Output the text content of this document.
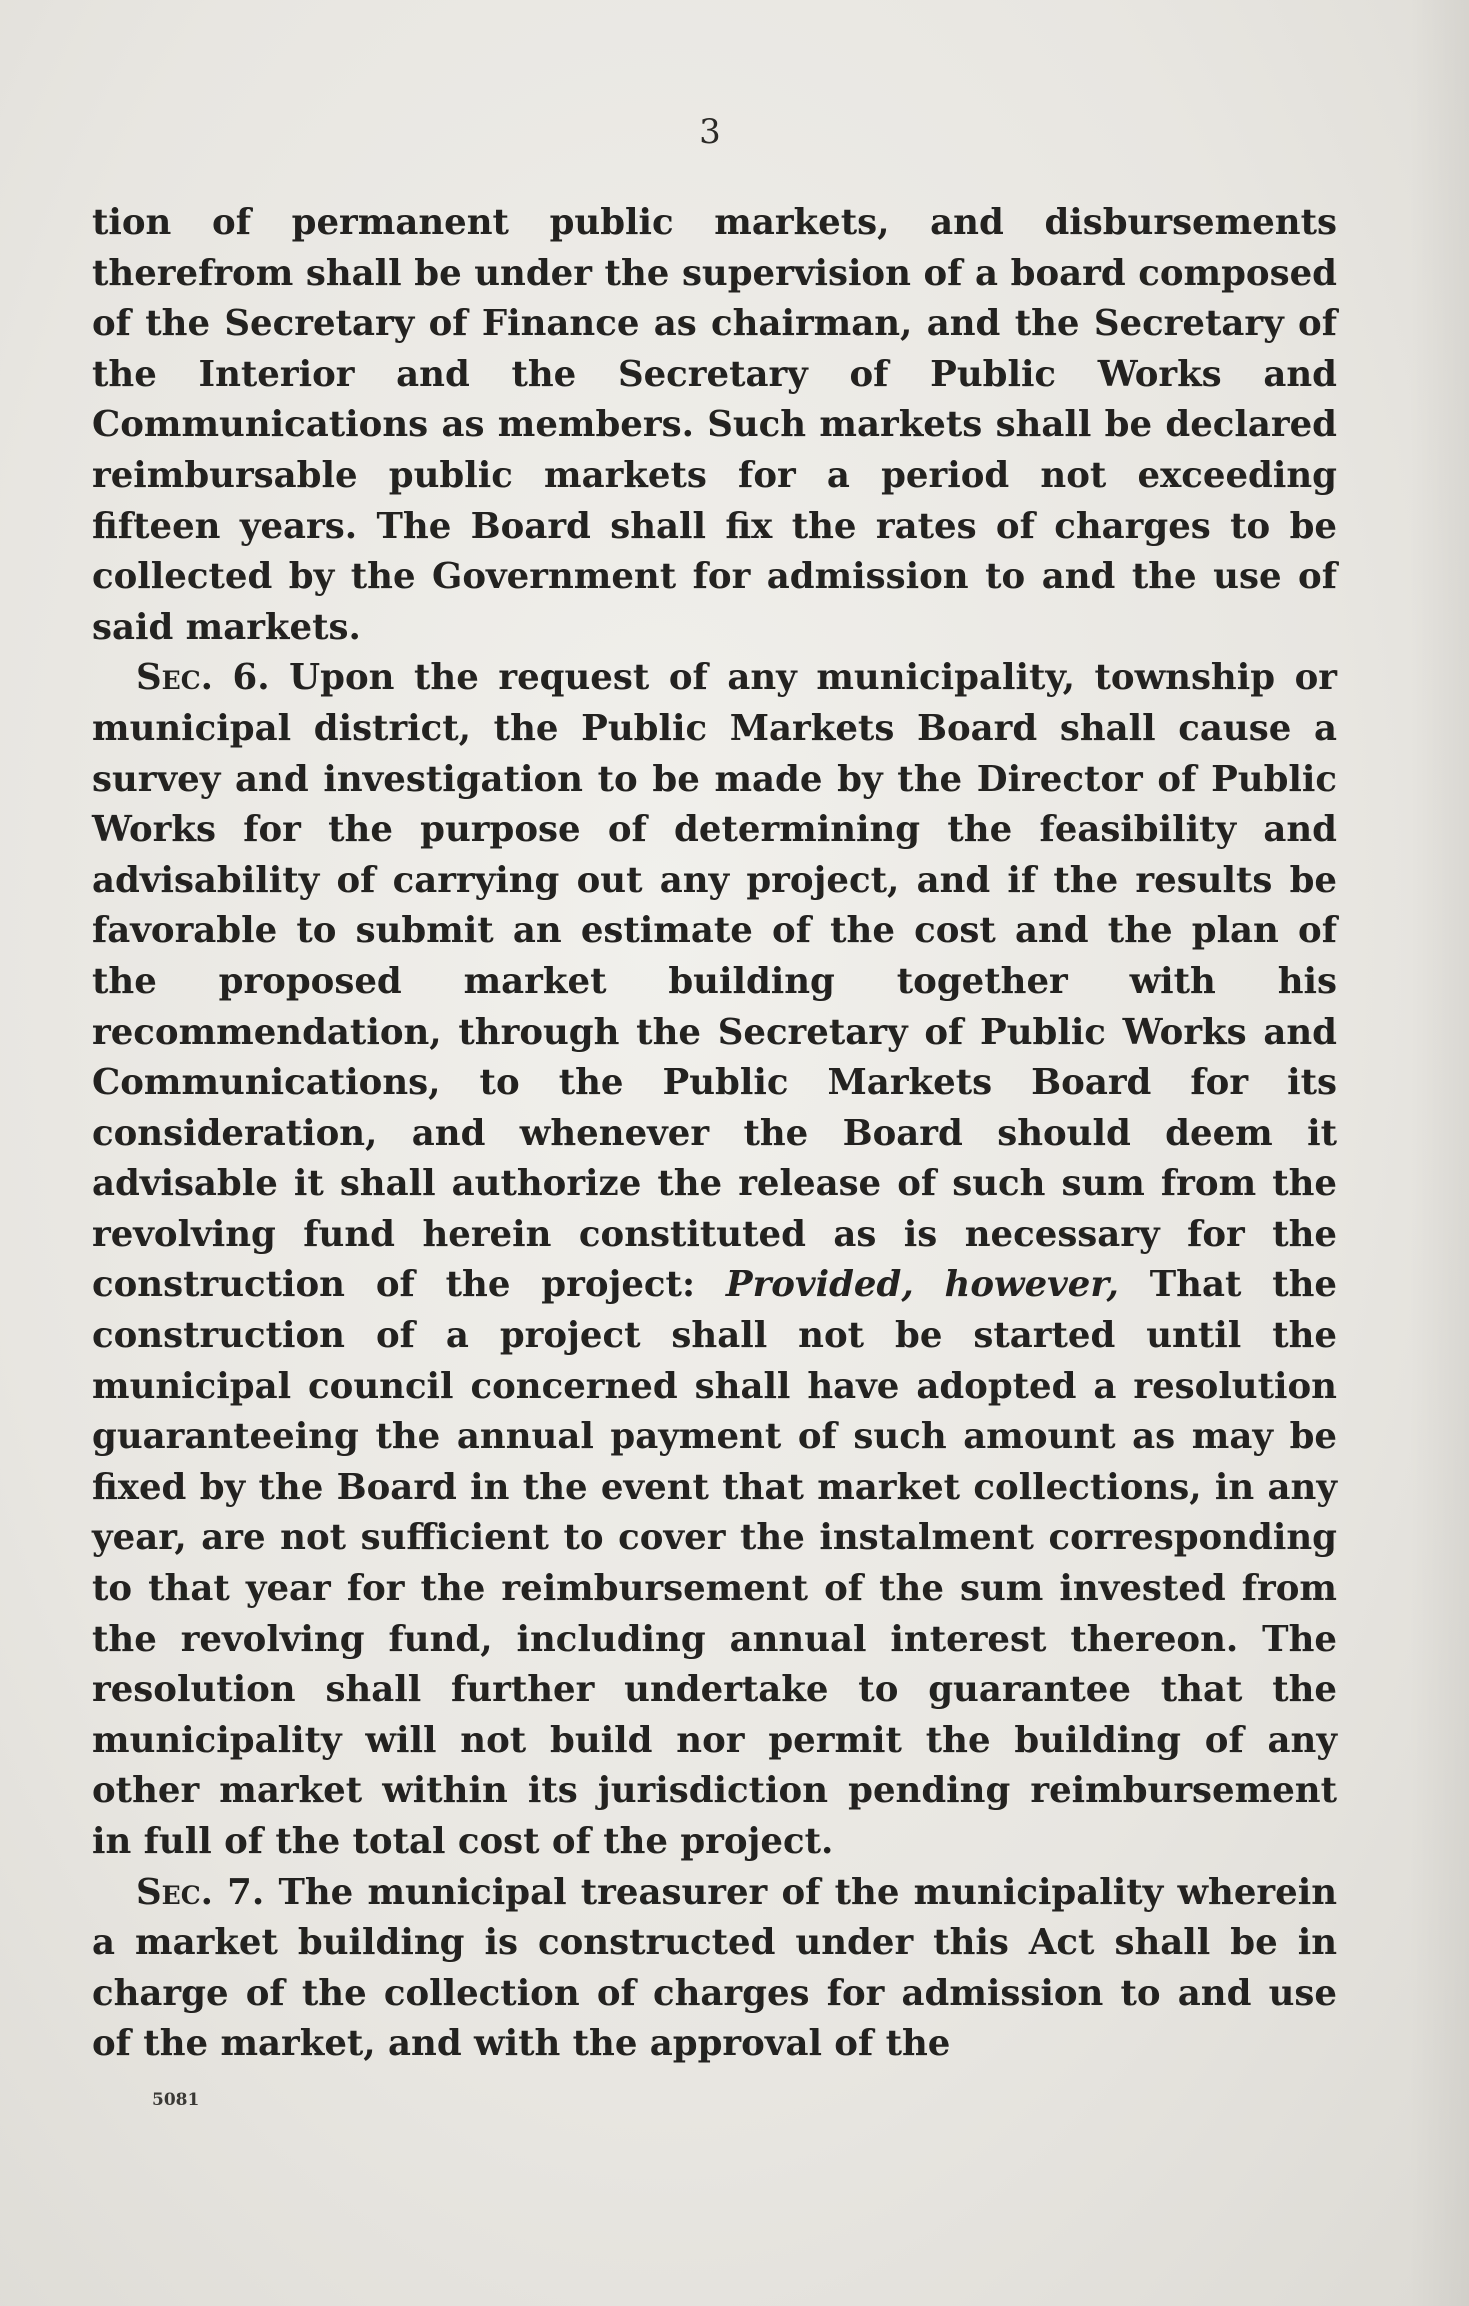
3

tion of permanent public markets, and disbursements therefrom shall be under the supervision of a board composed of the Secretary of Finance as chairman, and the Secretary of the Interior and the Secretary of Public Works and Communications as members. Such markets shall be declared reimbursable public markets for a period not exceeding fifteen years. The Board shall fix the rates of charges to be collected by the Government for admission to and the use of said markets.

Sec. 6. Upon the request of any municipality, township or municipal district, the Public Markets Board shall cause a survey and investigation to be made by the Director of Public Works for the purpose of determining the feasibility and advisability of carrying out any project, and if the results be favorable to submit an estimate of the cost and the plan of the proposed market building together with his recommendation, through the Secretary of Public Works and Communications, to the Public Markets Board for its consideration, and whenever the Board should deem it advisable it shall authorize the release of such sum from the revolving fund herein constituted as is necessary for the construction of the project: Provided, however, That the construction of a project shall not be started until the municipal council concerned shall have adopted a resolution guaranteeing the annual payment of such amount as may be fixed by the Board in the event that market collections, in any year, are not sufficient to cover the instalment corresponding to that year for the reimbursement of the sum invested from the revolving fund, including annual interest thereon. The resolution shall further undertake to guarantee that the municipality will not build nor permit the building of any other market within its jurisdiction pending reimbursement in full of the total cost of the project.

Sec. 7. The municipal treasurer of the municipality wherein a market building is constructed under this Act shall be in charge of the collection of charges for admission to and use of the market, and with the approval of the

5081
